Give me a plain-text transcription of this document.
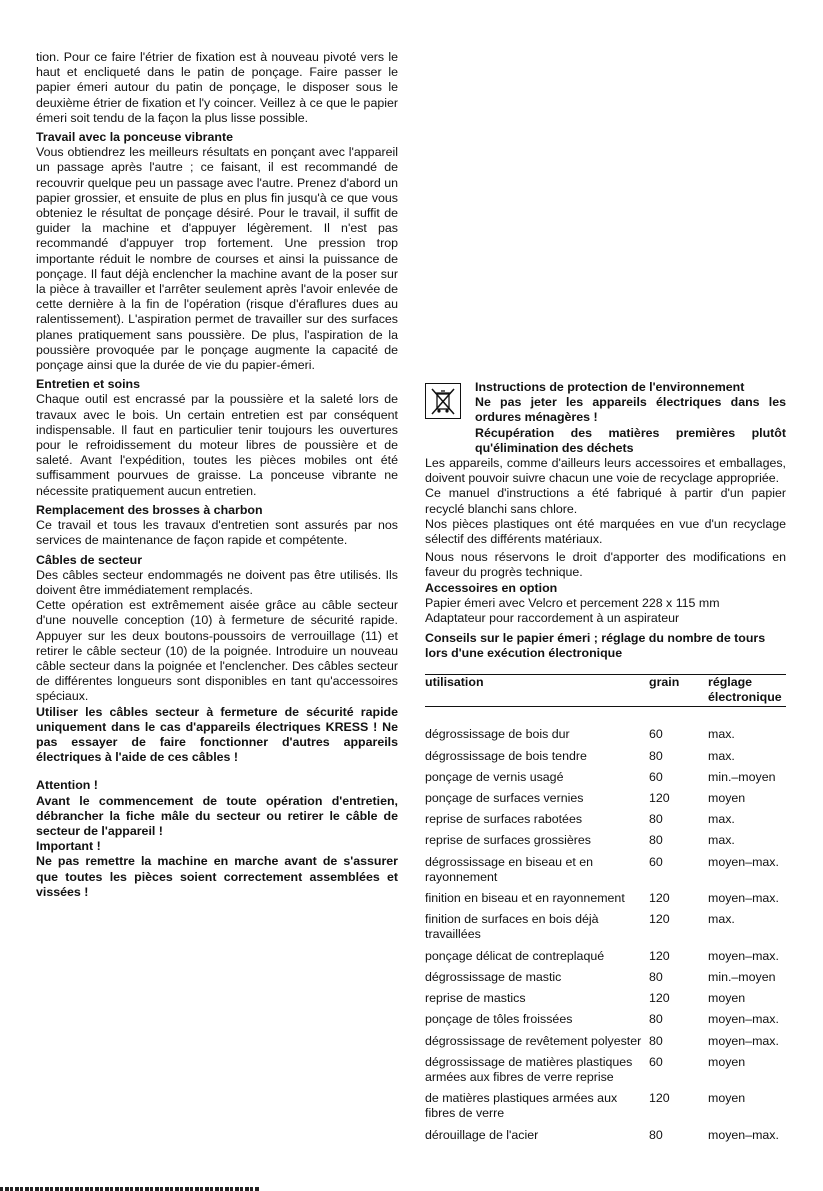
tion. Pour ce faire l'étrier de fixation est à nouveau pivoté vers le haut et encliqueté dans le patin de ponçage. Faire passer le papier émeri autour du patin de ponçage, le disposer sous le deuxième étrier de fixation et l'y coincer. Veillez à ce que le papier émeri soit tendu de la façon la plus lisse possible.

Travail avec la ponceuse vibrante

Vous obtiendrez les meilleurs résultats en ponçant avec l'appareil un passage après l'autre ; ce faisant, il est recommandé de recouvrir quelque peu un passage avec l'autre. Prenez d'abord un papier grossier, et ensuite de plus en plus fin jusqu'à ce que vous obteniez le résultat de ponçage désiré. Pour le travail, il suffit de guider la machine et d'appuyer légèrement. Il n'est pas recommandé d'appuyer trop fortement. Une pression trop importante réduit le nombre de courses et ainsi la puissance de ponçage. Il faut déjà enclencher la machine avant de la poser sur la pièce à travailler et l'arrêter seulement après l'avoir enlevée de cette dernière à la fin de l'opération (risque d'éraflures dues au ralentissement). L'aspiration permet de travailler sur des surfaces planes pratiquement sans poussière. De plus, l'aspiration de la poussière provoquée par le ponçage augmente la capacité de ponçage ainsi que la durée de vie du papier-émeri.

Entretien et soins

Chaque outil est encrassé par la poussière et la saleté lors de travaux avec le bois. Un certain entretien est par conséquent indispensable. Il faut en particulier tenir toujours les ouvertures pour le refroidissement du moteur libres de poussière et de saleté. Avant l'expédition, toutes les pièces mobiles ont été suffisamment pourvues de graisse. La ponceuse vibrante ne nécessite pratiquement aucun entretien.

Remplacement des brosses à charbon

Ce travail et tous les travaux d'entretien sont assurés par nos services de maintenance de façon rapide et compétente.

Câbles de secteur

Des câbles secteur endommagés ne doivent pas être utilisés. Ils doivent être immédiatement remplacés.

Cette opération est extrêmement aisée grâce au câble secteur d'une nouvelle conception (10) à fermeture de sécurité rapide. Appuyer sur les deux boutons-poussoirs de verrouillage (11) et retirer le câble secteur (10) de la poignée. Introduire un nouveau câble secteur dans la poignée et l'enclencher. Des câbles secteur de différentes longueurs sont disponibles en tant qu'accessoires spéciaux.

Utiliser les câbles secteur à fermeture de sécurité rapide uniquement dans le cas d'appareils électriques KRESS ! Ne pas essayer de faire fonctionner d'autres appareils électriques à l'aide de ces câbles !

Attention !

Avant le commencement de toute opération d'entretien, débrancher la fiche mâle du secteur ou retirer le câble de secteur de l'appareil !

Important !

Ne pas remettre la machine en marche avant de s'assurer que toutes les pièces soient correctement assemblées et vissées !

Instructions de protection de l'environnement

Ne pas jeter les appareils électriques dans les ordures ménagères !

Récupération des matières premières plutôt qu'élimination des déchets

Les appareils, comme d'ailleurs leurs accessoires et emballages, doivent pouvoir suivre chacun une voie de recyclage appropriée.

Ce manuel d'instructions a été fabriqué à partir d'un papier recyclé blanchi sans chlore.

Nos pièces plastiques ont été marquées en vue d'un recyclage sélectif des différents matériaux.

Nous nous réservons le droit d'apporter des modifications en faveur du progrès technique.

Accessoires en option

Papier émeri avec Velcro et percement 228 x 115 mm

Adaptateur pour raccordement à un aspirateur

Conseils sur le papier émeri ; réglage du nombre de tours lors d'une exécution électronique

utilisation	grain	réglage électronique
dégrossissage de bois dur	60	max.
dégrossissage de bois tendre	80	max.
ponçage de vernis usagé	60	min.–moyen
ponçage de surfaces vernies	120	moyen
reprise de surfaces rabotées	80	max.
reprise de surfaces grossières	80	max.
dégrossissage en biseau et en rayonnement	60	moyen–max.
finition en biseau et en rayonnement	120	moyen–max.
finition de surfaces en bois déjà travaillées	120	max.
ponçage délicat de contreplaqué	120	moyen–max.
dégrossissage de mastic	80	min.–moyen
reprise de mastics	120	moyen
ponçage de tôles froissées	80	moyen–max.
dégrossissage de revêtement polyester	80	moyen–max.
dégrossissage de matières plastiques armées aux fibres de verre reprise	60	moyen
de matières plastiques armées aux fibres de verre	120	moyen
dérouillage de l'acier	80	moyen–max.
